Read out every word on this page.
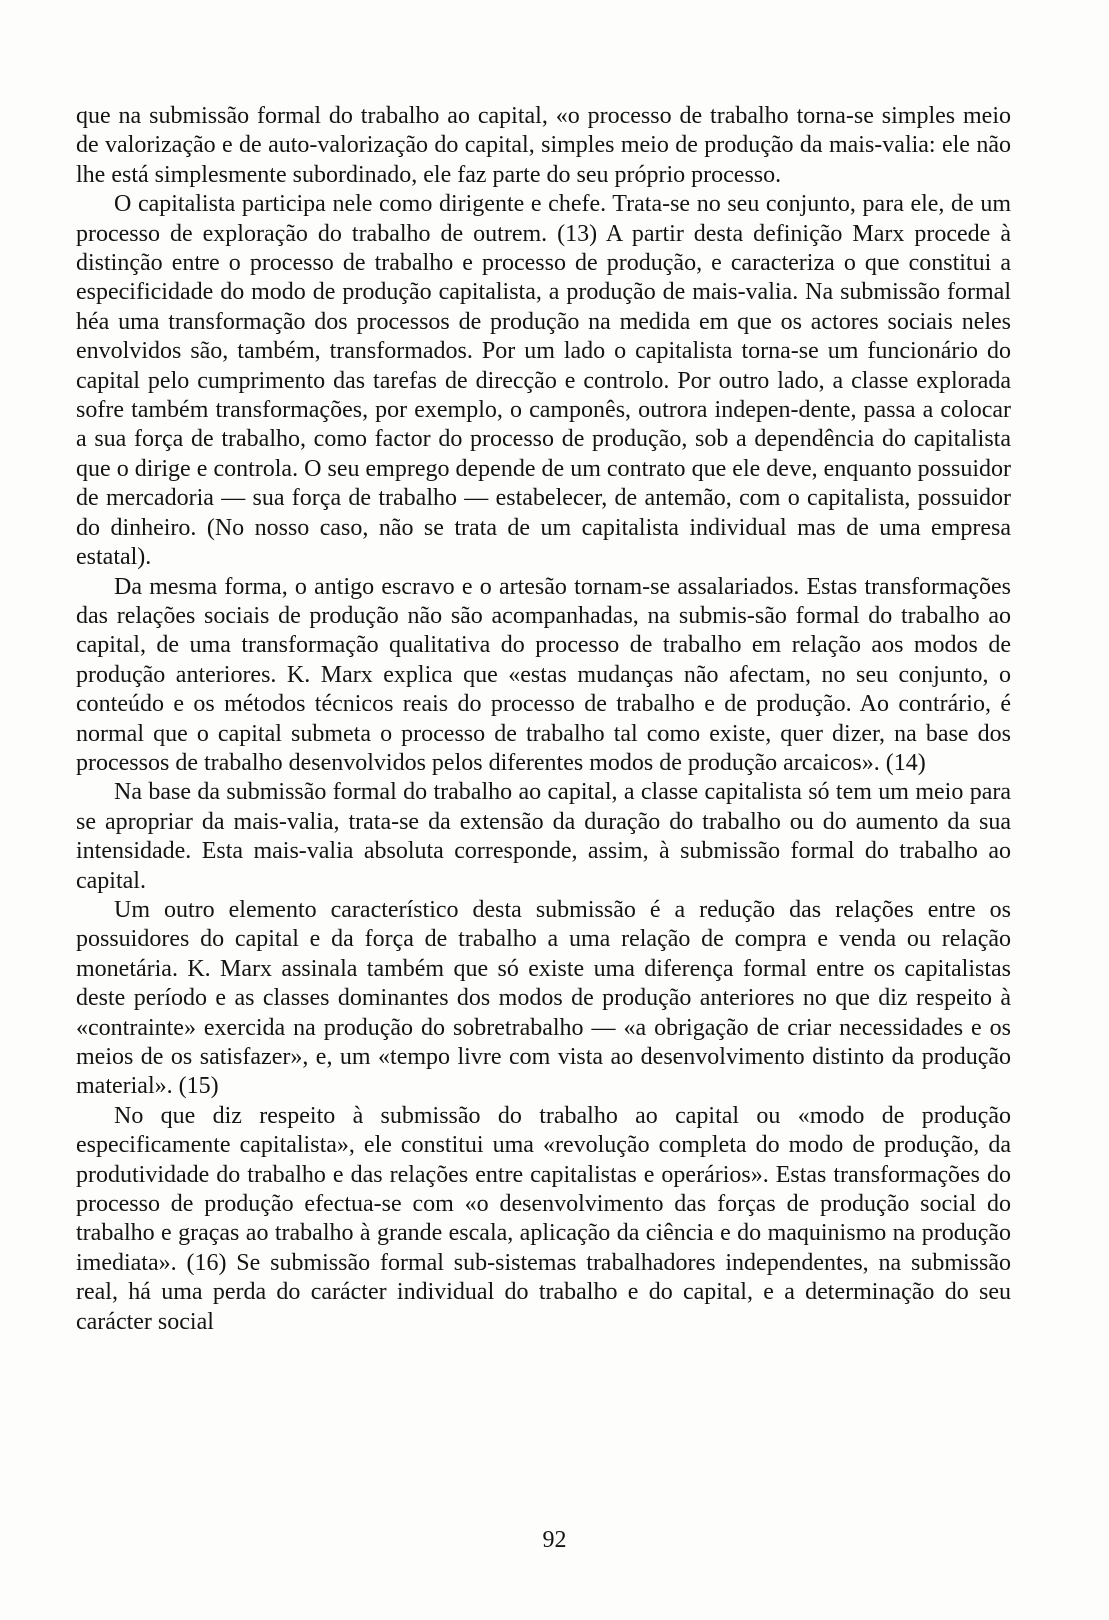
que na submissão formal do trabalho ao capital, «o processo de trabalho torna-se simples meio de valorização e de auto-valorização do capital, simples meio de produção da mais-valia: ele não lhe está simplesmente subordinado, ele faz parte do seu próprio processo.

O capitalista participa nele como dirigente e chefe. Trata-se no seu conjunto, para ele, de um processo de exploração do trabalho de outrem. (13) A partir desta definição Marx procede à distinção entre o processo de trabalho e processo de produção, e caracteriza o que constitui a especificidade do modo de produção capitalista, a produção de mais-valia. Na submissão formal héa uma transformação dos processos de produção na medida em que os actores sociais neles envolvidos são, também, transformados. Por um lado o capitalista torna-se um funcionário do capital pelo cumprimento das tarefas de direcção e controlo. Por outro lado, a classe explorada sofre também transformações, por exemplo, o camponês, outrora indepen-dente, passa a colocar a sua força de trabalho, como factor do processo de produção, sob a dependência do capitalista que o dirige e controla. O seu emprego depende de um contrato que ele deve, enquanto possuidor de mercadoria — sua força de trabalho — estabelecer, de antemão, com o capitalista, possuidor do dinheiro. (No nosso caso, não se trata de um capitalista individual mas de uma empresa estatal).

Da mesma forma, o antigo escravo e o artesão tornam-se assalariados. Estas transformações das relações sociais de produção não são acompanhadas, na submis-são formal do trabalho ao capital, de uma transformação qualitativa do processo de trabalho em relação aos modos de produção anteriores. K. Marx explica que «estas mudanças não afectam, no seu conjunto, o conteúdo e os métodos técnicos reais do processo de trabalho e de produção. Ao contrário, é normal que o capital submeta o processo de trabalho tal como existe, quer dizer, na base dos processos de trabalho desenvolvidos pelos diferentes modos de produção arcaicos». (14)

Na base da submissão formal do trabalho ao capital, a classe capitalista só tem um meio para se apropriar da mais-valia, trata-se da extensão da duração do trabalho ou do aumento da sua intensidade. Esta mais-valia absoluta corresponde, assim, à submissão formal do trabalho ao capital.

Um outro elemento característico desta submissão é a redução das relações entre os possuidores do capital e da força de trabalho a uma relação de compra e venda ou relação monetária. K. Marx assinala também que só existe uma diferença formal entre os capitalistas deste período e as classes dominantes dos modos de produção anteriores no que diz respeito à «contrainte» exercida na produção do sobretrabalho — «a obrigação de criar necessidades e os meios de os satisfazer», e, um «tempo livre com vista ao desenvolvimento distinto da produção material». (15)

No que diz respeito à submissão do trabalho ao capital ou «modo de produção especificamente capitalista», ele constitui uma «revolução completa do modo de produção, da produtividade do trabalho e das relações entre capitalistas e operários». Estas transformações do processo de produção efectua-se com «o desenvolvimento das forças de produção social do trabalho e graças ao trabalho à grande escala, aplicação da ciência e do maquinismo na produção imediata». (16) Se submissão formal sub-sistemas trabalhadores independentes, na submissão real, há uma perda do carácter individual do trabalho e do capital, e a determinação do seu carácter social

92
